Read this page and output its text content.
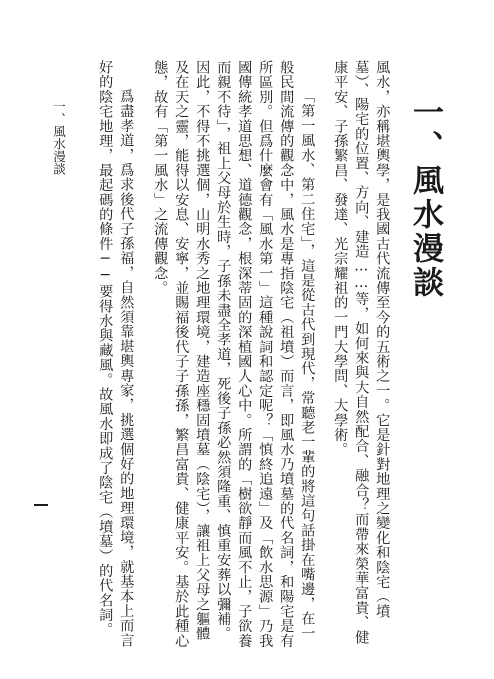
一、風水漫談
風水，亦稱堪輿學，是我國古代流傳至今的五術之一。它是針對地理之變化和陰宅（墳
墓）、陽宅的位置、方向、建造……等，如何來與大自然配合、融合？而帶來榮華富貴、健
康平安、子孫繁昌、發達、光宗耀祖的一門大學問、大學術。
「第一風水、第二住宅」，這是從古代到現代，常聽老一輩的將這句話掛在嘴邊，在一
般民間流傳的觀念中，風水是專指陰宅（祖墳）而言，即風水乃墳墓的代名詞，和陽宅是有
所區別。但爲什麼會有「風水第一」這種說詞和認定呢？「慎終追遠」及「飲水思源」乃我
國傳統孝道思想、道德觀念，根深蒂固的深植國人心中。所謂的「樹欲靜而風不止，子欲養
而親不待」，祖上父母於生時，子孫未盡全孝道，死後子孫必然須隆重、慎重安葬以彌補。
因此，不得不挑選個，山明水秀之地理環境，建造座穩固墳墓（陰宅），讓祖上父母之軀體
及在天之靈，能得以安息、安寧，並賜福後代子子孫孫，繁昌富貴、健康平安。基於此種心
態，故有「第一風水」之流傳觀念。
爲盡孝道，爲求後代子孫福，自然須靠堪輿專家，挑選個好的地理環境，就基本上而言
好的陰宅地理，最起碼的條件──要得水與藏風。故風水即成了陰宅（墳墓）的代名詞。
一、風水漫談
